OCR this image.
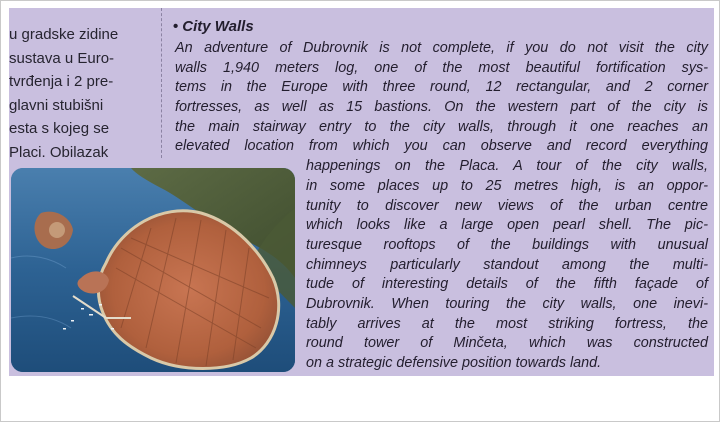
u gradske zidine
sustava u Euro-
tvrđenja i 2 pre-
glavni stubišni
esta s kojeg se
Placi. Obilazak
• City Walls
An adventure of Dubrovnik is not complete, if you do not visit the city
walls 1,940 meters log, one of the most beautiful fortification sys-
tems in the Europe with three round, 12 rectangular, and 2 corner
fortresses, as well as 15 bastions. On the western part of the city is
the main stairway entry to the city walls, through it one reaches an
elevated location from which you can observe and record everything
happenings on the Placa. A tour of the city walls,
in some places up to 25 metres high, is an oppor-
tunity to discover new views of the urban centre
which looks like a large open pearl shell. The pic-
turesque rooftops of the buildings with unusual
chimneys particularly standout among the multi-
tude of interesting details of the fifth façade of
Dubrovnik. When touring the city walls, one inevi-
tably arrives at the most striking fortress, the
round tower of Minčeta, which was constructed
on a strategic defensive position towards land.
